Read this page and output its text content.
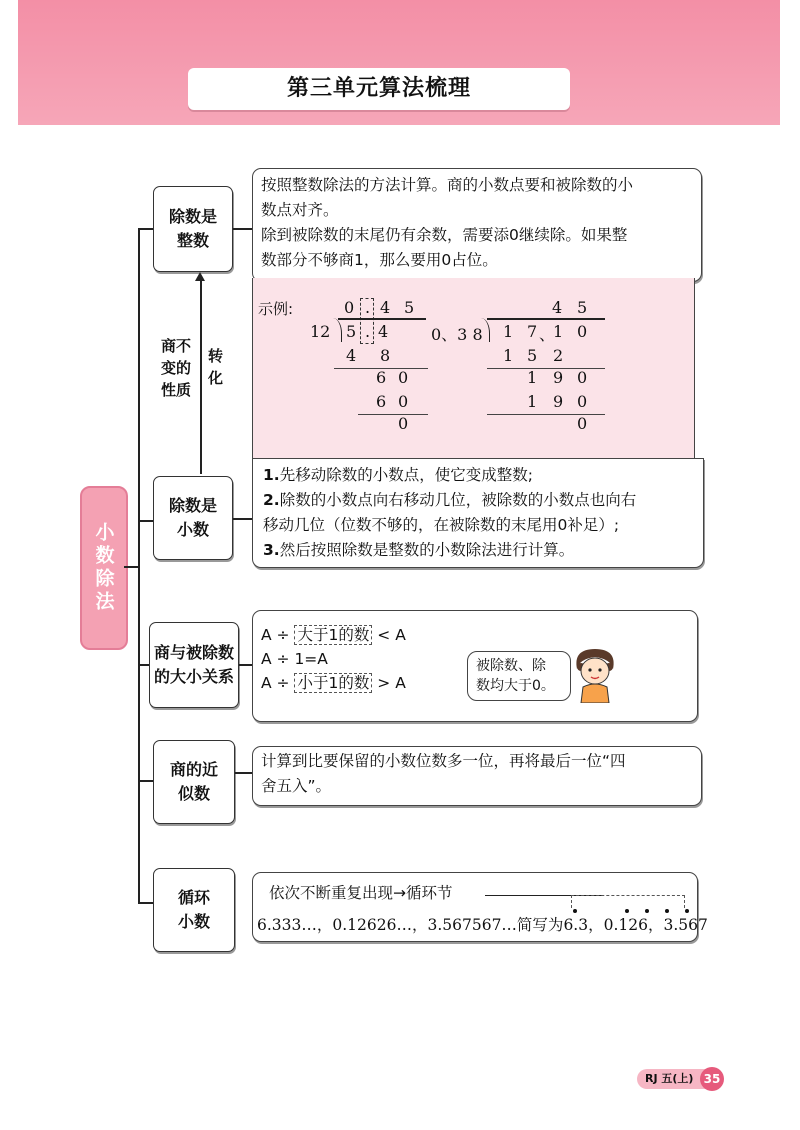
第三单元算法梳理
小数除法
除数是整数
商不变的性质
转化
按照整数除法的方法计算。商的小数点要和被除数的小
数点对齐。
除到被除数的末尾仍有余数，需要添0继续除。如果整
数部分不够商1，那么要用0占位。
示例:	0 . 4 5
12 5 . 4
4 8
6 0
6 0
0
4 5
0、3 8 1 7 、
1 0
1 5 2
1 9 0
1 9 0
0
除数是小数
1.先移动除数的小数点，使它变成整数;
2.除数的小数点向右移动几位，被除数的小数点也向右
移动几位（位数不够的，在被除数的末尾用0补足）;
3.然后按照除数是整数的小数除法进行计算。
商与被除数的大小关系
A ÷ 大于1的数 < A
A ÷ 1=A
A ÷ 小于1的数 > A
被除数、除
数均大于0。
商的近似数
计算到比要保留的小数位数多一位，再将最后一位“四
舍五入”。
循环小数
依次不断重复出现→循环节
6.333…，0.12626…，3.567567…简写为6.3，0.126，3.567
RJ 五(上) 35
